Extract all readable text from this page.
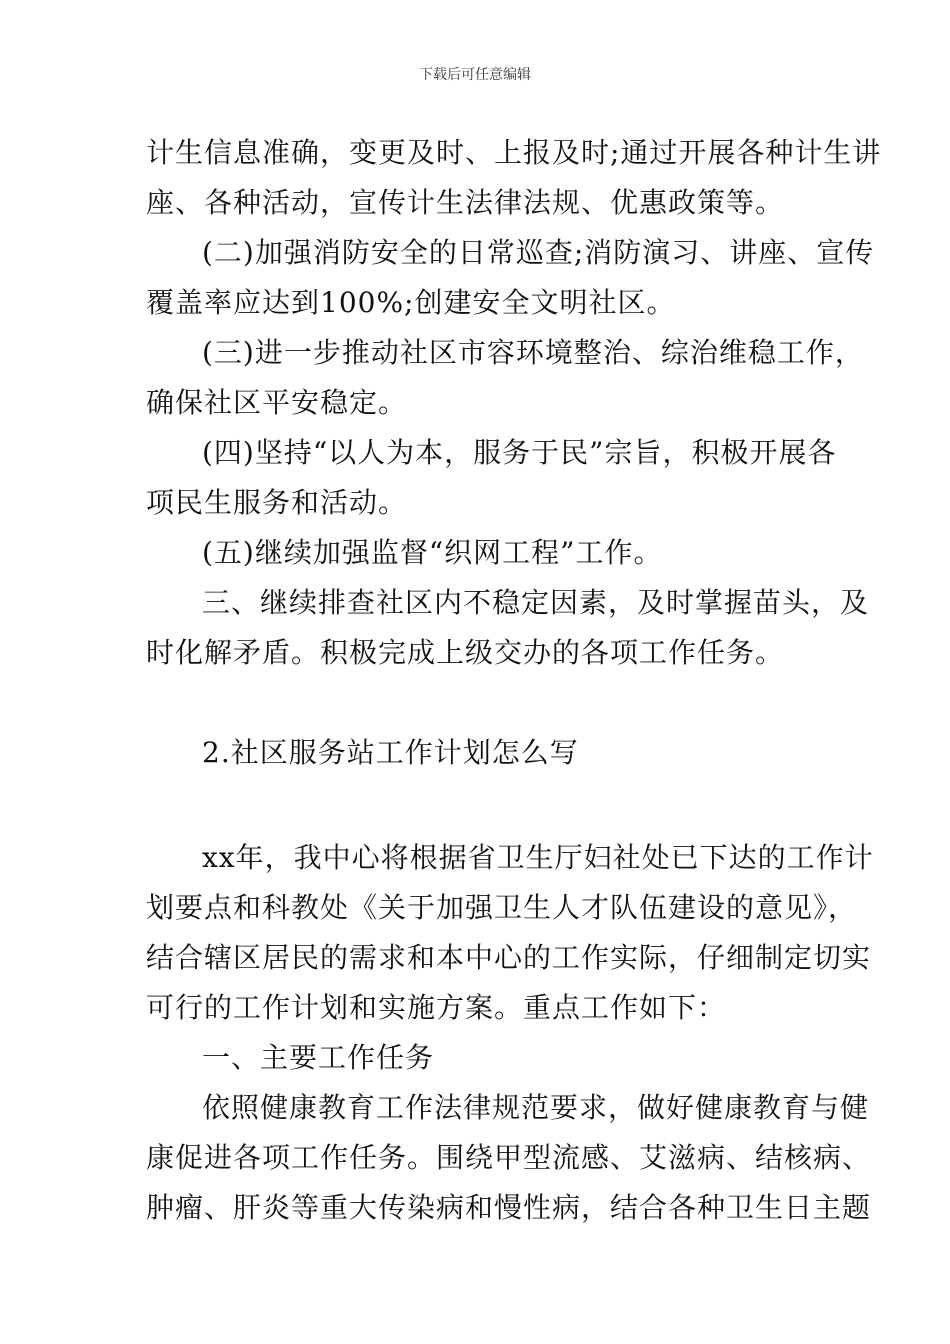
下载后可任意编辑
计生信息准确，变更及时、上报及时;通过开展各种计生讲
座、各种活动，宣传计生法律法规、优惠政策等。
(二)加强消防安全的日常巡查;消防演习、讲座、宣传
覆盖率应达到100%;创建安全文明社区。
(三)进一步推动社区市容环境整治、综治维稳工作，
确保社区平安稳定。
(四)坚持“以人为本，服务于民”宗旨，积极开展各
项民生服务和活动。
(五)继续加强监督“织网工程”工作。
三、继续排查社区内不稳定因素，及时掌握苗头，及
时化解矛盾。积极完成上级交办的各项工作任务。
2.社区服务站工作计划怎么写
xx年，我中心将根据省卫生厅妇社处已下达的工作计
划要点和科教处《关于加强卫生人才队伍建设的意见》，
结合辖区居民的需求和本中心的工作实际，仔细制定切实
可行的工作计划和实施方案。重点工作如下：
一、主要工作任务
依照健康教育工作法律规范要求，做好健康教育与健
康促进各项工作任务。围绕甲型流感、艾滋病、结核病、
肿瘤、肝炎等重大传染病和慢性病，结合各种卫生日主题
